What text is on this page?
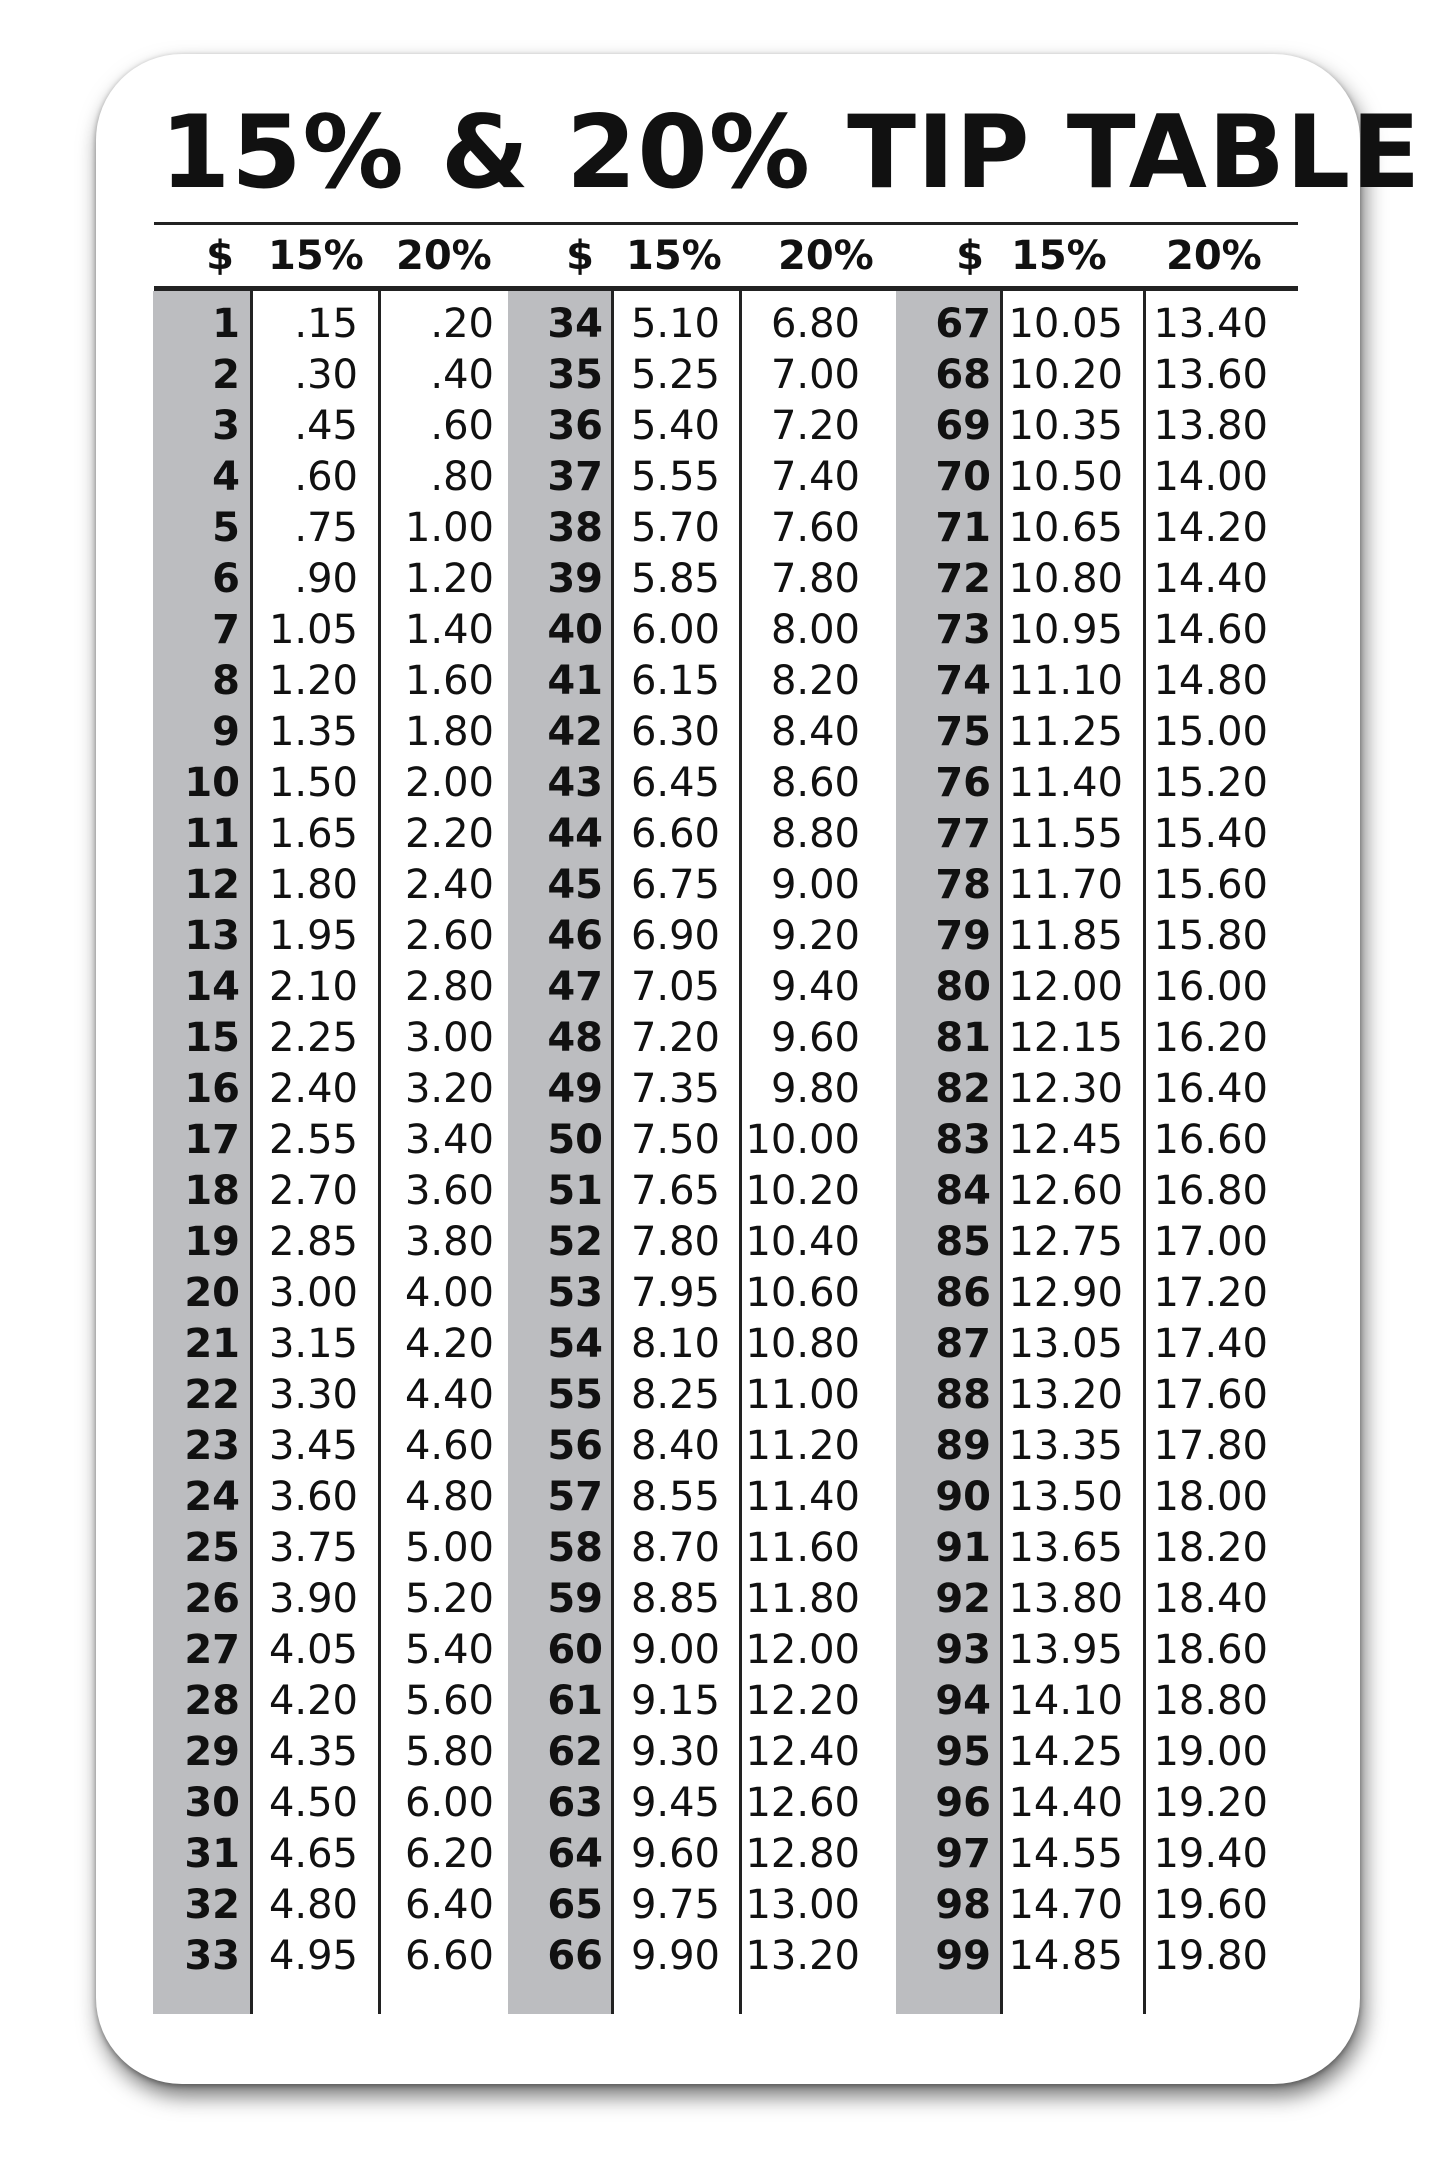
15% & 20% TIP TABLE
$ 15% 20%
1	.15	.20
2	.30	.40
3	.45	.60
4	.60	.80
5	.75	1.00
6	.90	1.20
7 1.05	1.40
8 1.20	1.60
9 1.35	1.80
10 1.50	2.00
11 1.65	2.20
12 1.80	2.40
13 1.95	2.60
14 2.10	2.80
15 2.25	3.00
16 2.40	3.20
17 2.55	3.40
18 2.70	3.60
19 2.85	3.80
20 3.00	4.00
21 3.15	4.20
22 3.30	4.40
23 3.45	4.60
24 3.60	4.80
25 3.75	5.00
26 3.90	5.20
27 4.05	5.40
28 4.20	5.60
29 4.35	5.80
30 4.50	6.00
31 4.65	6.20
32 4.80	6.40
33 4.95	6.60
$ 15% 20%
34 5.10	6.80
35 5.25	7.00
36 5.40	7.20
37 5.55	7.40
38 5.70	7.60
39 5.85	7.80
40 6.00	8.00
41 6.15	8.20
42 6.30	8.40
43 6.45	8.60
44 6.60	8.80
45 6.75	9.00
46 6.90	9.20
47 7.05	9.40
48 7.20	9.60
49 7.35	9.80
50 7.50 10.00
51 7.65 10.20
52 7.80 10.40
53 7.95 10.60
54 8.10 10.80
55 8.25 11.00
56 8.40 11.20
57 8.55 11.40
58 8.70 11.60
59 8.85 11.80
60 9.00 12.00
61 9.15 12.20
62 9.30 12.40
63 9.45 12.60
64 9.60 12.80
65 9.75 13.00
66 9.90 13.20
$ 15% 20%
67 10.05 13.40
68 10.20 13.60
69 10.35 13.80
70 10.50 14.00
71 10.65 14.20
72 10.80 14.40
73 10.95 14.60
74 11.10 14.80
75 11.25 15.00
76 11.40 15.20
77 11.55 15.40
78 11.70 15.60
79 11.85 15.80
80 12.00 16.00
81 12.15 16.20
82 12.30 16.40
83 12.45 16.60
84 12.60 16.80
85 12.75 17.00
86 12.90 17.20
87 13.05 17.40
88 13.20 17.60
89 13.35 17.80
90 13.50 18.00
91 13.65 18.20
92 13.80 18.40
93 13.95 18.60
94 14.10 18.80
95 14.25 19.00
96 14.40 19.20
97 14.55 19.40
98 14.70 19.60
99 14.85 19.80
